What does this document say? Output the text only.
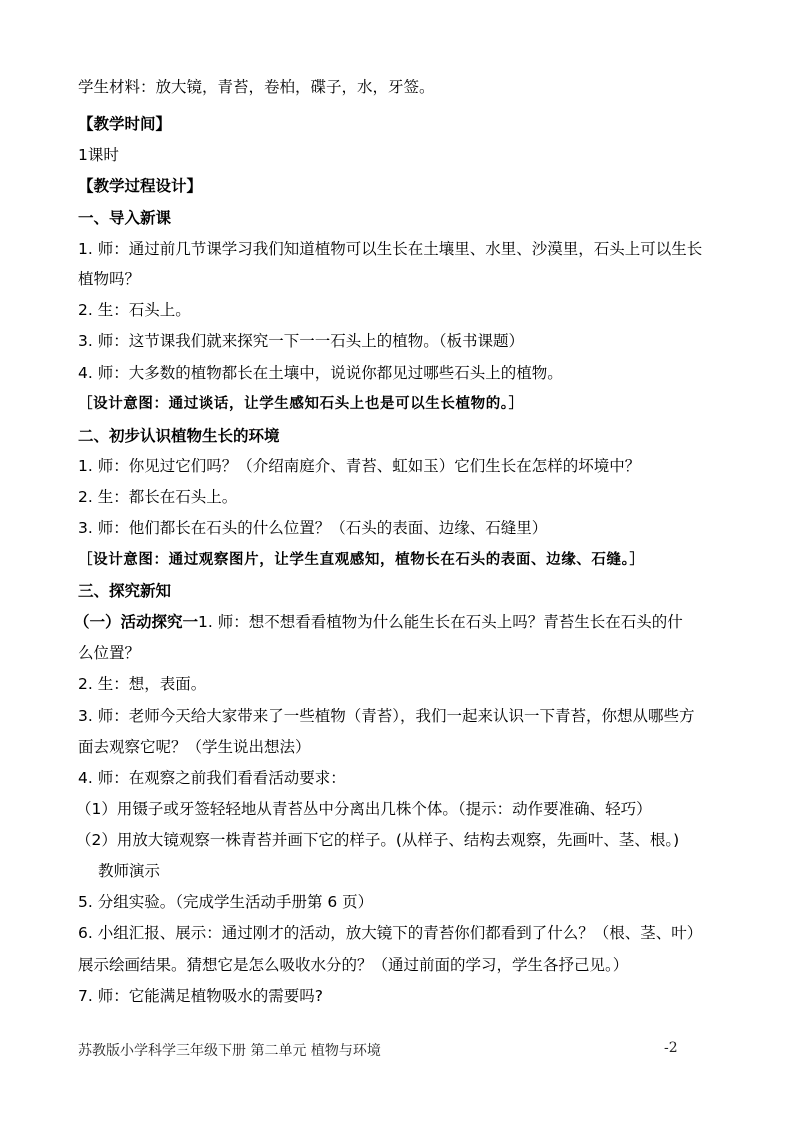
学生材料：放大镜，青苔，卷柏，碟子，水，牙签。
【教学时间】
1课时
【教学过程设计】
一、导入新课
1. 师：通过前几节课学习我们知道植物可以生长在土壤里、水里、沙漠里，石头上可以生长
植物吗？
2. 生：石头上。
3. 师：这节课我们就来探究一下一一石头上的植物。（板书课题）
4. 师：大多数的植物都长在土壤中，说说你都见过哪些石头上的植物。
［设计意图：通过谈话，让学生感知石头上也是可以生长植物的。］
二、初步认识植物生长的环境
1. 师：你见过它们吗？（介绍南庭介、青苔、虹如玉）它们生长在怎样的坏境中？
2. 生：都长在石头上。
3. 师：他们都长在石头的什么位置？（石头的表面、边缘、石缝里）
［设计意图：通过观察图片，让学生直观感知，植物长在石头的表面、边缘、石缝。］
三、探究新知
（一）活动探究一1. 师：想不想看看植物为什么能生长在石头上吗？青苔生长在石头的什
么位置？
2. 生：想，表面。
3. 师：老师今天给大家带来了一些植物（青苔），我们一起来认识一下青苔，你想从哪些方
面去观察它呢？（学生说出想法）
4. 师：在观察之前我们看看活动要求：
（1）用镊子或牙签轻轻地从青苔丛中分离出几株个体。（提示：动作要准确、轻巧）
（2）用放大镜观察一株青苔并画下它的样子。(从样子、结构去观察，先画叶、茎、根。)
教师演示
5. 分组实验。（完成学生活动手册第 6 页）
6. 小组汇报、展示：通过刚才的活动，放大镜下的青苔你们都看到了什么？（根、茎、叶）
展示绘画结果。猜想它是怎么吸收水分的？（通过前面的学习，学生各抒己见。）
7. 师：它能满足植物吸水的需要吗?
苏教版小学科学三年级下册 第二单元 植物与环境	-2
